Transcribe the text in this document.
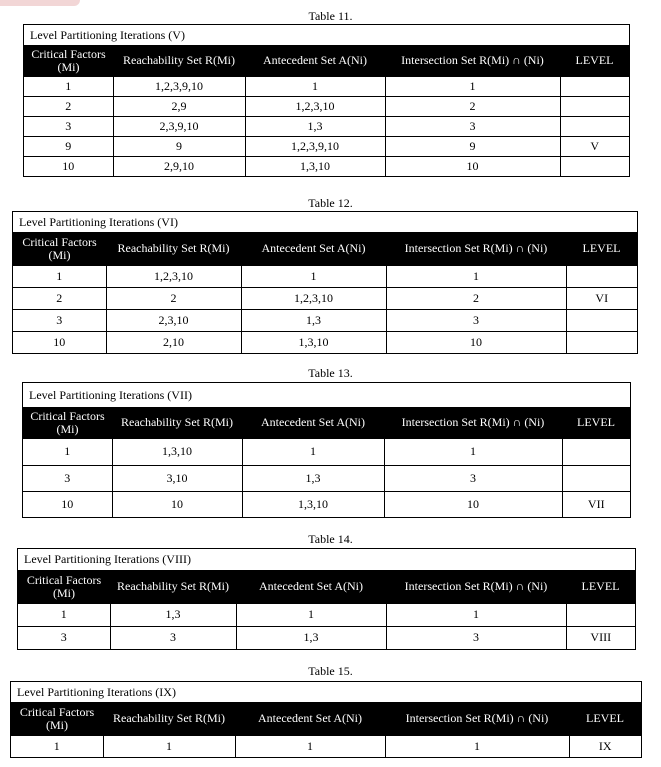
Table 11.
Level Partitioning Iterations (V)
Critical Factors (Mi)	Reachability Set R(Mi)	Antecedent Set A(Ni)	Intersection Set R(Mi) ∩ (Ni)	LEVEL
1	1,2,3,9,10	1	1	
2	2,9	1,2,3,10	2	
3	2,3,9,10	1,3	3	
9	9	1,2,3,9,10	9	V
10	2,9,10	1,3,10	10	
Table 12.
Level Partitioning Iterations (VI)
Critical Factors (Mi)	Reachability Set R(Mi)	Antecedent Set A(Ni)	Intersection Set R(Mi) ∩ (Ni)	LEVEL
1	1,2,3,10	1	1	
2	2	1,2,3,10	2	VI
3	2,3,10	1,3	3	
10	2,10	1,3,10	10	
Table 13.
Level Partitioning Iterations (VII)
Critical Factors (Mi)	Reachability Set R(Mi)	Antecedent Set A(Ni)	Intersection Set R(Mi) ∩ (Ni)	LEVEL
1	1,3,10	1	1	
3	3,10	1,3	3	
10	10	1,3,10	10	VII
Table 14.
Level Partitioning Iterations (VIII)
Critical Factors (Mi)	Reachability Set R(Mi)	Antecedent Set A(Ni)	Intersection Set R(Mi) ∩ (Ni)	LEVEL
1	1,3	1	1	
3	3	1,3	3	VIII
Table 15.
Level Partitioning Iterations (IX)
Critical Factors (Mi)	Reachability Set R(Mi)	Antecedent Set A(Ni)	Intersection Set R(Mi) ∩ (Ni)	LEVEL
1	1	1	1	IX
